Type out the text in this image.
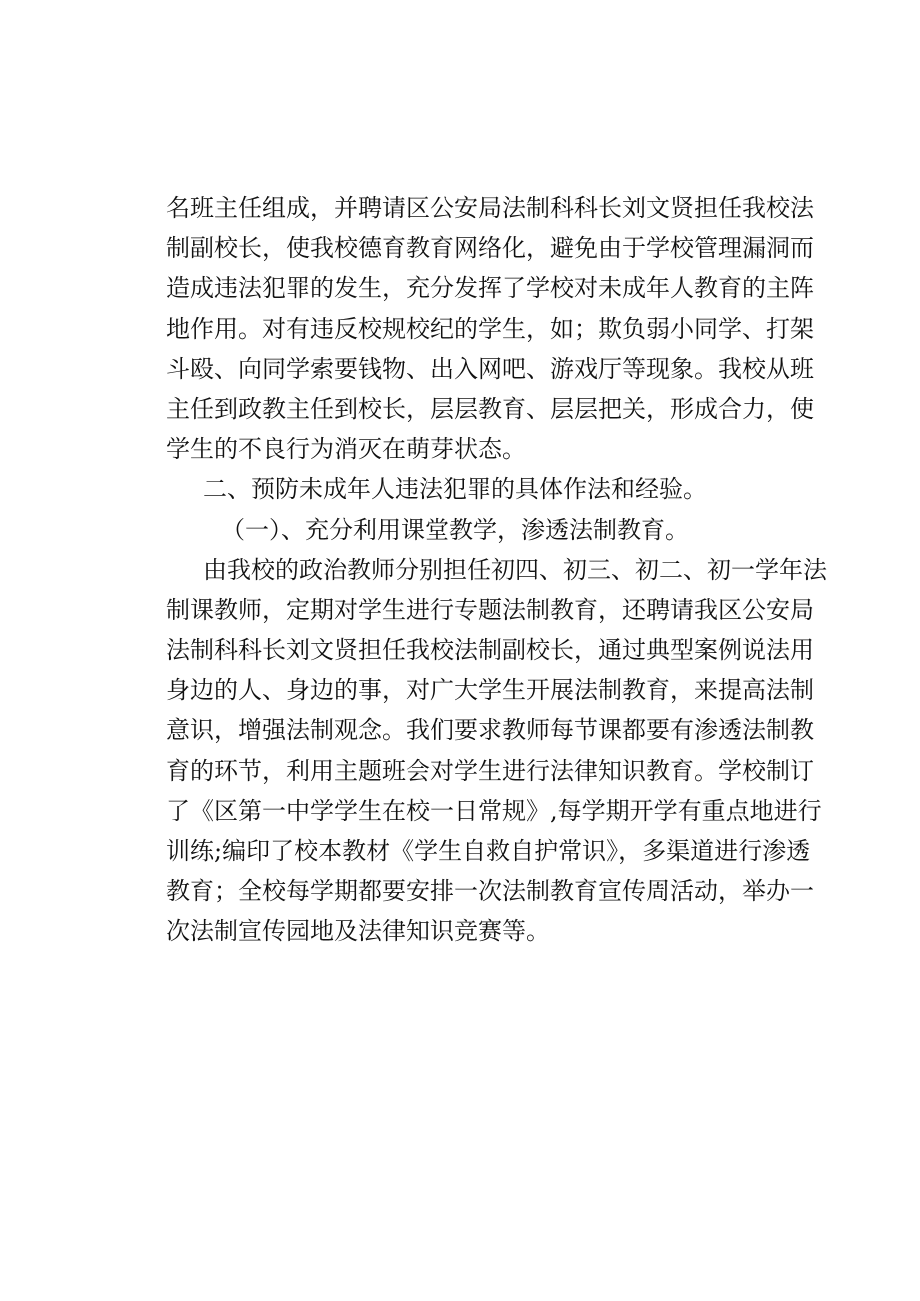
名班主任组成，并聘请区公安局法制科科长刘文贤担任我校法
制副校长，使我校德育教育网络化，避免由于学校管理漏洞而
造成违法犯罪的发生，充分发挥了学校对未成年人教育的主阵
地作用。对有违反校规校纪的学生，如；欺负弱小同学、打架
斗殴、向同学索要钱物、出入网吧、游戏厅等现象。我校从班
主任到政教主任到校长，层层教育、层层把关，形成合力，使
学生的不良行为消灭在萌芽状态。
二、预防未成年人违法犯罪的具体作法和经验。
（一）、充分利用课堂教学，渗透法制教育。
由我校的政治教师分别担任初四、初三、初二、初一学年法
制课教师，定期对学生进行专题法制教育，还聘请我区公安局
法制科科长刘文贤担任我校法制副校长，通过典型案例说法用
身边的人、身边的事，对广大学生开展法制教育，来提高法制
意识，增强法制观念。我们要求教师每节课都要有渗透法制教
育的环节，利用主题班会对学生进行法律知识教育。学校制订
了《区第一中学学生在校一日常规》,每学期开学有重点地进行
训练;编印了校本教材《学生自救自护常识》，多渠道进行渗透
教育；全校每学期都要安排一次法制教育宣传周活动，举办一
次法制宣传园地及法律知识竞赛等。
